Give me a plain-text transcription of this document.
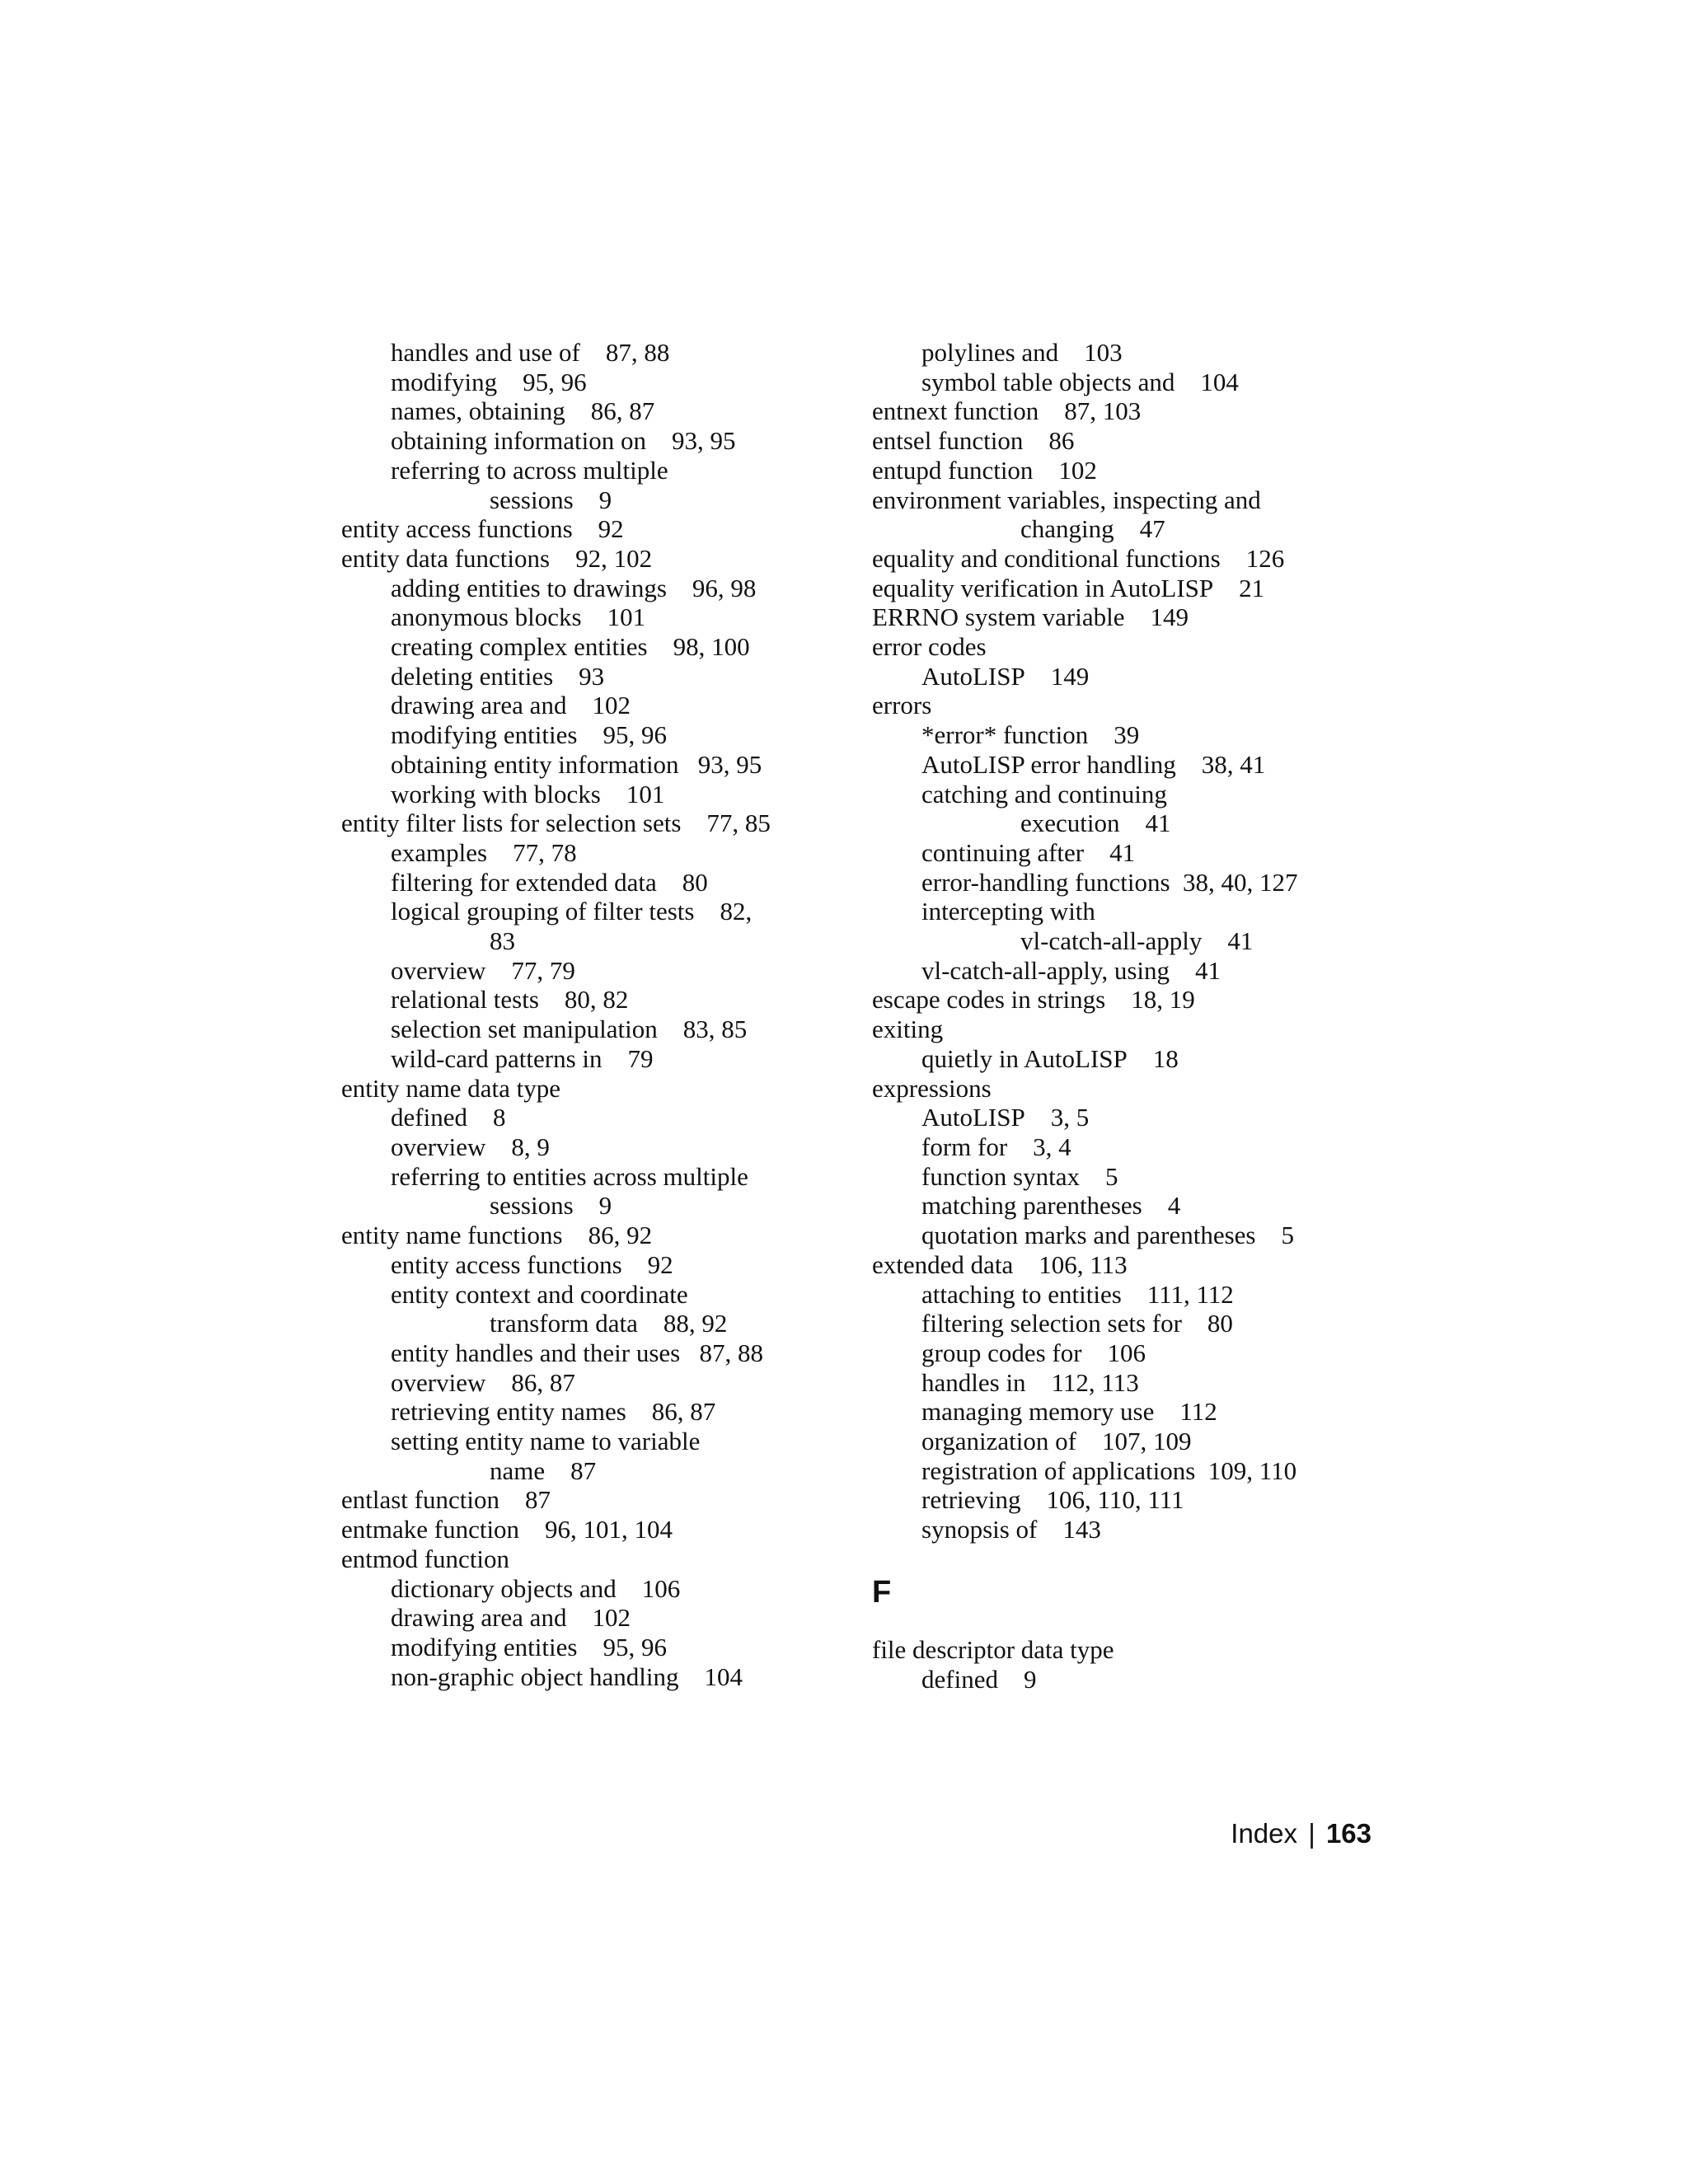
handles and use of    87, 88
modifying    95, 96
names, obtaining    86, 87
obtaining information on    93, 95
referring to across multiple
sessions    9
entity access functions    92
entity data functions    92, 102
adding entities to drawings    96, 98
anonymous blocks    101
creating complex entities    98, 100
deleting entities    93
drawing area and    102
modifying entities    95, 96
obtaining entity information   93, 95
working with blocks    101
entity filter lists for selection sets    77, 85
examples    77, 78
filtering for extended data    80
logical grouping of filter tests    82,
83
overview    77, 79
relational tests    80, 82
selection set manipulation    83, 85
wild-card patterns in    79
entity name data type
defined    8
overview    8, 9
referring to entities across multiple
sessions    9
entity name functions    86, 92
entity access functions    92
entity context and coordinate
transform data    88, 92
entity handles and their uses   87, 88
overview    86, 87
retrieving entity names    86, 87
setting entity name to variable
name    87
entlast function    87
entmake function    96, 101, 104
entmod function
dictionary objects and    106
drawing area and    102
modifying entities    95, 96
non-graphic object handling    104
polylines and    103
symbol table objects and    104
entnext function    87, 103
entsel function    86
entupd function    102
environment variables, inspecting and
changing    47
equality and conditional functions    126
equality verification in AutoLISP    21
ERRNO system variable    149
error codes
AutoLISP    149
errors
*error* function    39
AutoLISP error handling    38, 41
catching and continuing
execution    41
continuing after    41
error-handling functions  38, 40, 127
intercepting with
vl-catch-all-apply    41
vl-catch-all-apply, using    41
escape codes in strings    18, 19
exiting
quietly in AutoLISP    18
expressions
AutoLISP    3, 5
form for    3, 4
function syntax    5
matching parentheses    4
quotation marks and parentheses    5
extended data    106, 113
attaching to entities    111, 112
filtering selection sets for    80
group codes for    106
handles in    112, 113
managing memory use    112
organization of    107, 109
registration of applications  109, 110
retrieving    106, 110, 111
synopsis of    143
F
file descriptor data type
defined    9
Index | 163
